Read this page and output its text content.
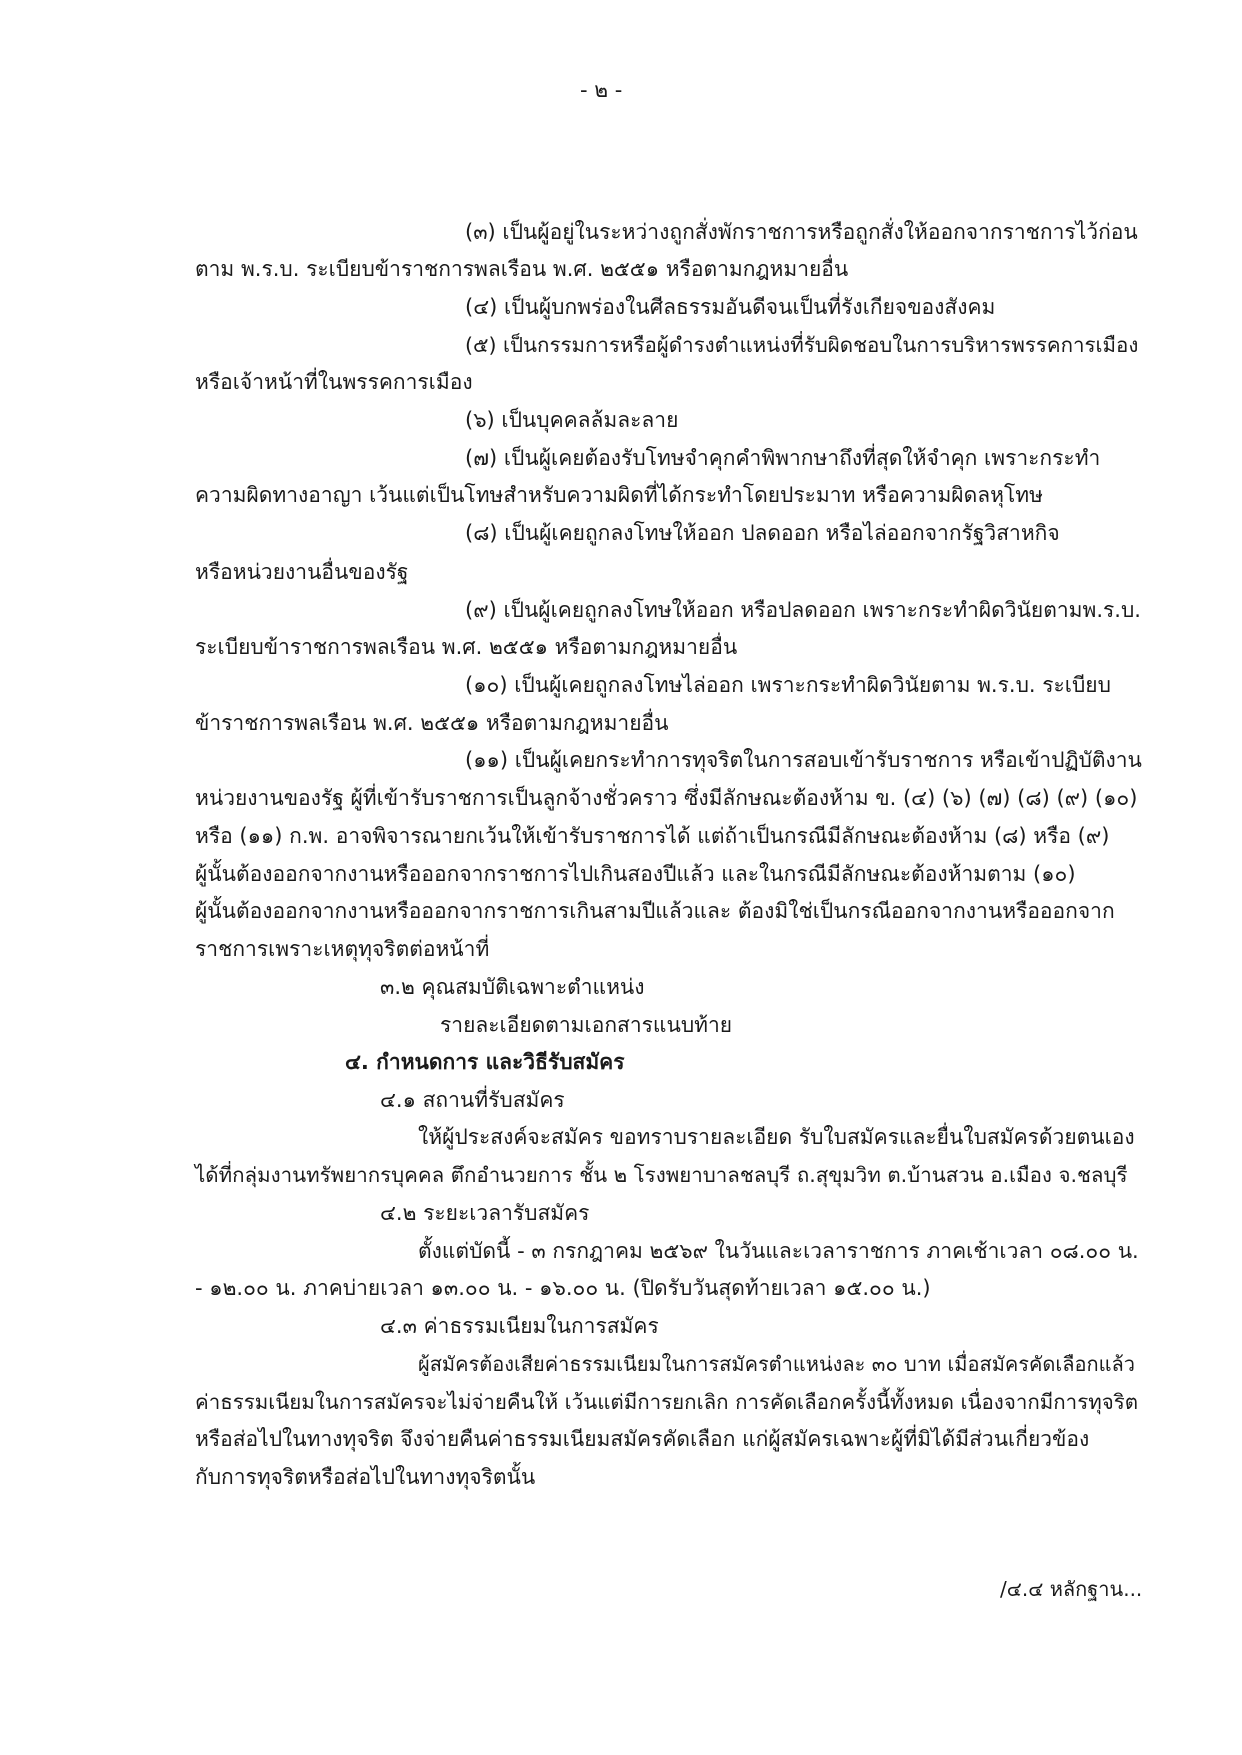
- ๒ -
(๓) เป็นผู้อยู่ในระหว่างถูกสั่งพักราชการหรือถูกสั่งให้ออกจากราชการไว้ก่อน
ตาม พ.ร.บ. ระเบียบข้าราชการพลเรือน พ.ศ. ๒๕๕๑ หรือตามกฎหมายอื่น
(๔) เป็นผู้บกพร่องในศีลธรรมอันดีจนเป็นที่รังเกียจของสังคม
(๕) เป็นกรรมการหรือผู้ดำรงตำแหน่งที่รับผิดชอบในการบริหารพรรคการเมือง
หรือเจ้าหน้าที่ในพรรคการเมือง
(๖) เป็นบุคคลล้มละลาย
(๗) เป็นผู้เคยต้องรับโทษจำคุกคำพิพากษาถึงที่สุดให้จำคุก เพราะกระทำ
ความผิดทางอาญา เว้นแต่เป็นโทษสำหรับความผิดที่ได้กระทำโดยประมาท หรือความผิดลหุโทษ
(๘) เป็นผู้เคยถูกลงโทษให้ออก ปลดออก หรือไล่ออกจากรัฐวิสาหกิจ
หรือหน่วยงานอื่นของรัฐ
(๙) เป็นผู้เคยถูกลงโทษให้ออก หรือปลดออก เพราะกระทำผิดวินัยตามพ.ร.บ.
ระเบียบข้าราชการพลเรือน พ.ศ. ๒๕๕๑ หรือตามกฎหมายอื่น
(๑๐) เป็นผู้เคยถูกลงโทษไล่ออก เพราะกระทำผิดวินัยตาม พ.ร.บ. ระเบียบ
ข้าราชการพลเรือน พ.ศ. ๒๕๕๑ หรือตามกฎหมายอื่น
(๑๑) เป็นผู้เคยกระทำการทุจริตในการสอบเข้ารับราชการ หรือเข้าปฏิบัติงาน
หน่วยงานของรัฐ ผู้ที่เข้ารับราชการเป็นลูกจ้างชั่วคราว ซึ่งมีลักษณะต้องห้าม ข. (๔) (๖) (๗) (๘) (๙) (๑๐)
หรือ (๑๑) ก.พ. อาจพิจารณายกเว้นให้เข้ารับราชการได้ แต่ถ้าเป็นกรณีมีลักษณะต้องห้าม (๘) หรือ (๙)
ผู้นั้นต้องออกจากงานหรือออกจากราชการไปเกินสองปีแล้ว และในกรณีมีลักษณะต้องห้ามตาม (๑๐)
ผู้นั้นต้องออกจากงานหรือออกจากราชการเกินสามปีแล้วและ ต้องมิใช่เป็นกรณีออกจากงานหรือออกจาก
ราชการเพราะเหตุทุจริตต่อหน้าที่
๓.๒ คุณสมบัติเฉพาะตำแหน่ง
รายละเอียดตามเอกสารแนบท้าย
๔. กำหนดการ และวิธีรับสมัคร
๔.๑ สถานที่รับสมัคร
ให้ผู้ประสงค์จะสมัคร ขอทราบรายละเอียด รับใบสมัครและยื่นใบสมัครด้วยตนเอง
ได้ที่กลุ่มงานทรัพยากรบุคคล ตึกอำนวยการ ชั้น ๒ โรงพยาบาลชลบุรี ถ.สุขุมวิท ต.บ้านสวน อ.เมือง จ.ชลบุรี
๔.๒ ระยะเวลารับสมัคร
ตั้งแต่บัดนี้ - ๓ กรกฎาคม ๒๕๖๙ ในวันและเวลาราชการ ภาคเช้าเวลา ๐๘.๐๐ น.
- ๑๒.๐๐ น. ภาคบ่ายเวลา ๑๓.๐๐ น. - ๑๖.๐๐ น. (ปิดรับวันสุดท้ายเวลา ๑๕.๐๐ น.)
๔.๓ ค่าธรรมเนียมในการสมัคร
ผู้สมัครต้องเสียค่าธรรมเนียมในการสมัครตำแหน่งละ ๓๐ บาท เมื่อสมัครคัดเลือกแล้ว
ค่าธรรมเนียมในการสมัครจะไม่จ่ายคืนให้ เว้นแต่มีการยกเลิก การคัดเลือกครั้งนี้ทั้งหมด เนื่องจากมีการทุจริต
หรือส่อไปในทางทุจริต จึงจ่ายคืนค่าธรรมเนียมสมัครคัดเลือก แก่ผู้สมัครเฉพาะผู้ที่มิได้มีส่วนเกี่ยวข้อง
กับการทุจริตหรือส่อไปในทางทุจริตนั้น
/๔.๔ หลักฐาน...
